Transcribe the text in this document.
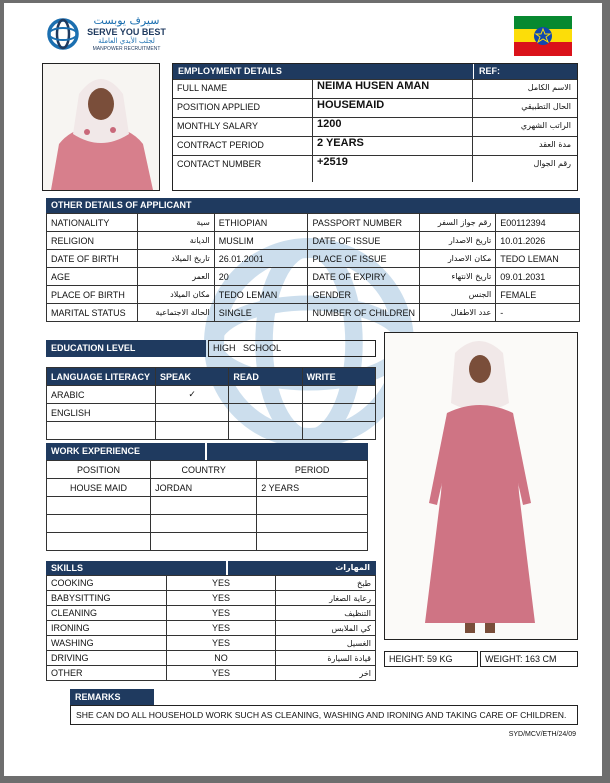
سيرف يوبست
SERVE YOU BEST
لجلب الأيدي العاملة
MANPOWER RECRUITMENT
EMPLOYMENT DETAILS	REF:
FULL NAME	NEIMA HUSEN AMAN	الاسم الكامل
POSITION APPLIED	HOUSEMAID	الحال التطبيقي
MONTHLY SALARY	1200	الراتب الشهري
CONTRACT PERIOD	2 YEARS	مدة العقد
CONTACT NUMBER	+2519	رقم الجوال
OTHER DETAILS OF APPLICANT
NATIONALITY	سية	ETHIOPIAN	PASSPORT NUMBER	رقم جواز السفر	E00112394
RELIGION	الديانة	MUSLIM	DATE OF ISSUE	تاريخ الاصدار	10.01.2026
DATE OF BIRTH	تاريخ الميلاد	26.01.2001	PLACE OF ISSUE	مكان الاصدار	TEDO LEMAN
AGE	العمر	20	DATE OF EXPIRY	تاريخ الانتهاء	09.01.2031
PLACE OF BIRTH	مكان الميلاد	TEDO LEMAN	GENDER	الجنس	FEMALE
MARITAL STATUS	الحالة الاجتماعية	SINGLE	NUMBER OF CHILDREN	عدد الاطفال	-
EDUCATION LEVEL	HIGH   SCHOOL
LANGUAGE LITERACY	SPEAK	READ	WRITE
ARABIC	✓		
ENGLISH			

WORK EXPERIENCE
POSITION	COUNTRY	PERIOD
HOUSE MAID	JORDAN	2 YEARS

SKILLS	المهارات
COOKING	YES	طبخ
BABYSITTING	YES	رعاية الصغار
CLEANING	YES	التنظيف
IRONING	YES	كي الملابس
WASHING	YES	الغسيل
DRIVING	NO	قيادة السيارة
OTHER	YES	اخر
HEIGHT: 59 KG	WEIGHT: 163 CM
REMARKS
SHE CAN DO ALL HOUSEHOLD WORK SUCH AS CLEANING, WASHING AND IRONING AND TAKING CARE OF CHILDREN.
SYD/MCV/ETH/24/09
